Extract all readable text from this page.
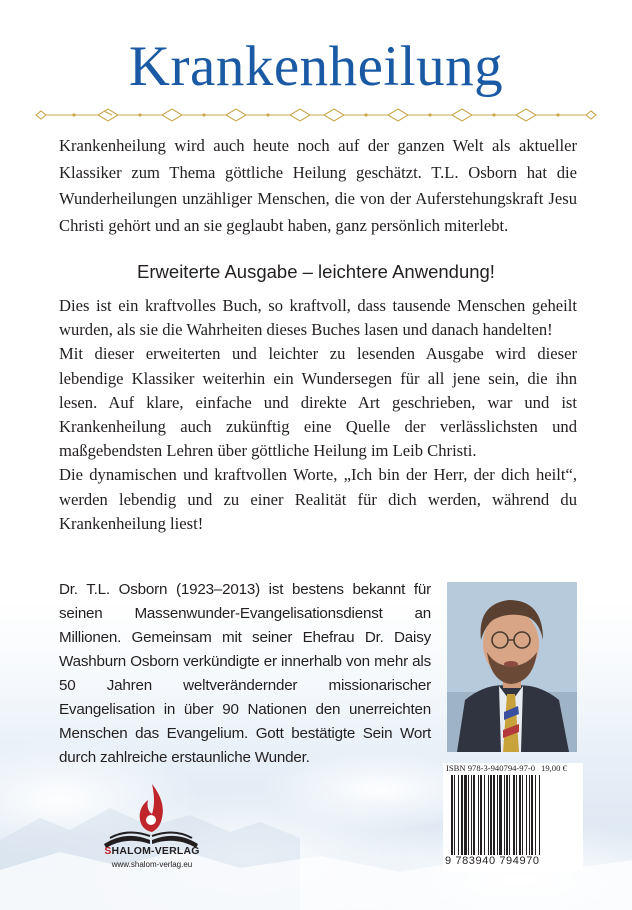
Krankenheilung
Krankenheilung wird auch heute noch auf der ganzen Welt als aktueller Klassiker zum Thema göttliche Heilung geschätzt. T.L. Osborn hat die Wunderheilungen unzähliger Menschen, die von der Auferstehungskraft Jesu Christi gehört und an sie geglaubt haben, ganz persönlich miterlebt.
Erweiterte Ausgabe – leichtere Anwendung!

Dies ist ein kraftvolles Buch, so kraftvoll, dass tausende Menschen geheilt wurden, als sie die Wahrheiten dieses Buches lasen und danach handelten!

Mit dieser erweiterten und leichter zu lesenden Ausgabe wird dieser lebendige Klassiker weiterhin ein Wundersegen für all jene sein, die ihn lesen. Auf klare, einfache und direkte Art geschrieben, war und ist Krankenheilung auch zukünftig eine Quelle der verlässlichsten und maßgebendsten Lehren über göttliche Heilung im Leib Christi.

Die dynamischen und kraftvollen Worte, „Ich bin der Herr, der dich heilt“, werden lebendig und zu einer Realität für dich werden, während du Krankenheilung liest!

Dr. T.L. Osborn (1923–2013) ist bestens bekannt für seinen Massenwunder-Evangelisationsdienst an Millionen. Gemeinsam mit seiner Ehefrau Dr. Daisy Washburn Osborn verkündigte er innerhalb von mehr als 50 Jahren weltverändernder missionarischer Evangelisation in über 90 Nationen den unerreichten Menschen das Evangelium. Gott bestätigte Sein Wort durch zahlreiche erstaunliche Wunder.
SHALOM-VERLAG
www.shalom-verlag.eu
ISBN 978-3-940794-97-0 19,00 €
9 783940 794970
